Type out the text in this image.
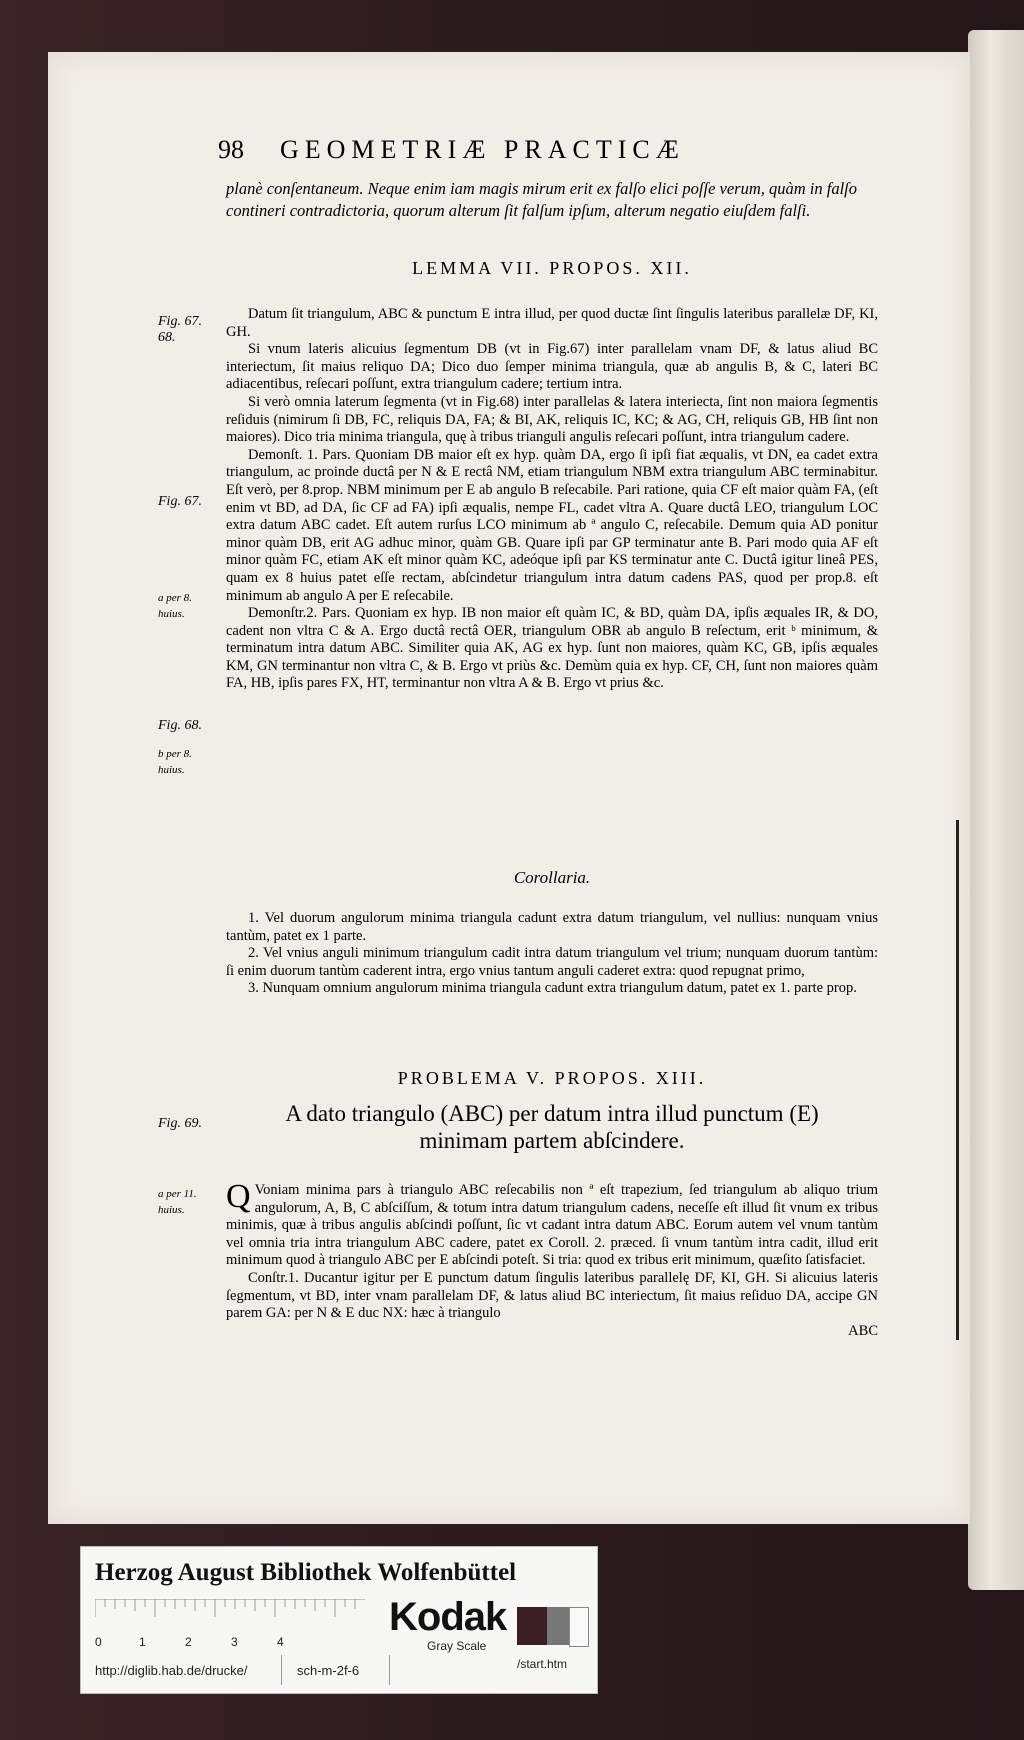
98 GEOMETRIÆ PRACTICÆ

planè conſentaneum. Neque enim iam magis mirum erit ex falſo elici poſſe verum, quàm in falſo contineri contradictoria, quorum alterum ſit falſum ipſum, alterum negatio eiuſdem falſi.

LEMMA VII. PROPOS. XII.

Datum ſit triangulum, ABC & punctum E intra illud, per quod ductæ ſint ſingulis lateribus parallelæ DF, KI, GH.

Si vnum lateris alicuius ſegmentum DB (vt in Fig.67) inter parallelam vnam DF, & latus aliud BC interiectum, ſit maius reliquo DA; Dico duo ſemper minima triangula, quæ ab angulis B, & C, lateri BC adiacentibus, reſecari poſſunt, extra triangulum cadere; tertium intra.

Si verò omnia laterum ſegmenta (vt in Fig.68) inter parallelas & latera interiecta, ſint non maiora ſegmentis reſiduis (nimirum ſi DB, FC, reliquis DA, FA; & BI, AK, reliquis IC, KC; & AG, CH, reliquis GB, HB ſint non maiores). Dico tria minima triangula, quę à tribus trianguli angulis reſecari poſſunt, intra triangulum cadere.

Demonſt. 1. Pars. Quoniam DB maior eſt ex hyp. quàm DA, ergo ſi ipſi fiat æqualis, vt DN, ea cadet extra triangulum, ac proinde ductâ per N & E rectâ NM, etiam triangulum NBM extra triangulum ABC terminabitur. Eſt verò, per 8.prop. NBM minimum per E ab angulo B reſecabile. Pari ratione, quia CF eſt maior quàm FA, (eſt enim vt BD, ad DA, ſic CF ad FA) ipſi æqualis, nempe FL, cadet vltra A. Quare ductâ LEO, triangulum LOC extra datum ABC cadet. Eſt autem rurſus LCO minimum ab ª angulo C, reſecabile. Demum quia AD ponitur minor quàm DB, erit AG adhuc minor, quàm GB. Quare ipſi par GP terminatur ante B. Pari modo quia AF eſt minor quàm FC, etiam AK eſt minor quàm KC, adeóque ipſi par KS terminatur ante C. Ductâ igitur lineâ PES, quam ex 8 huius patet eſſe rectam, abſcindetur triangulum intra datum cadens PAS, quod per prop.8. eſt minimum ab angulo A per E reſecabile.

Demonſtr.2. Pars. Quoniam ex hyp. IB non maior eſt quàm IC, & BD, quàm DA, ipſis æquales IR, & DO, cadent non vltra C & A. Ergo ductâ rectâ OER, triangulum OBR ab angulo B reſectum, erit ᵇ minimum, & terminatum intra datum ABC. Similiter quia AK, AG ex hyp. ſunt non maiores, quàm KC, GB, ipſis æquales KM, GN terminantur non vltra C, & B. Ergo vt priùs &c. Demùm quia ex hyp. CF, CH, ſunt non maiores quàm FA, HB, ipſis pares FX, HT, terminantur non vltra A & B. Ergo vt prius &c.

Corollaria.

1. Vel duorum angulorum minima triangula cadunt extra datum triangulum, vel nullius: nunquam vnius tantùm, patet ex 1 parte.

2. Vel vnius anguli minimum triangulum cadit intra datum triangulum vel trium; nunquam duorum tantùm: ſi enim duorum tantùm caderent intra, ergo vnius tantum anguli caderet extra: quod repugnat primo,

3. Nunquam omnium angulorum minima triangula cadunt extra triangulum datum, patet ex 1. parte prop.

PROBLEMA V. PROPOS. XIII.
A dato triangulo (ABC) per datum intra illud punctum (E)
minimam partem abſcindere.

Q Voniam minima pars à triangulo ABC reſecabilis non ª eſt trapezium, ſed triangulum ab aliquo trium angulorum, A, B, C abſciſſum, & totum intra datum triangulum cadens, neceſſe eſt illud ſit vnum ex tribus minimis, quæ à tribus angulis abſcindi poſſunt, ſic vt cadant intra datum ABC. Eorum autem vel vnum tantùm vel omnia tria intra triangulum ABC cadere, patet ex Coroll. 2. præced. ſi vnum tantùm intra cadit, illud erit minimum quod à triangulo ABC per E abſcindi poteſt. Si tria: quod ex tribus erit minimum, quæſito ſatisfaciet.

Conſtr.1. Ducantur igitur per E punctum datum ſingulis lateribus parallelę DF, KI, GH. Si alicuius lateris ſegmentum, vt BD, inter vnam parallelam DF, & latus aliud BC interiectum, ſit maius reſiduo DA, accipe GN parem GA: per N & E duc NX: hæc à triangulo

ABC

Fig. 67. 68.
Fig. 67.
a per 8.
huius.
Fig. 68.
b per 8.
huius.
Fig. 69.
a per 11.
huius.
Herzog August Bibliothek Wolfenbüttel
0	1	2	3	4
Kodak
Gray Scale
http://diglib.hab.de/drucke/	sch-m-2f-6	/start.htm
